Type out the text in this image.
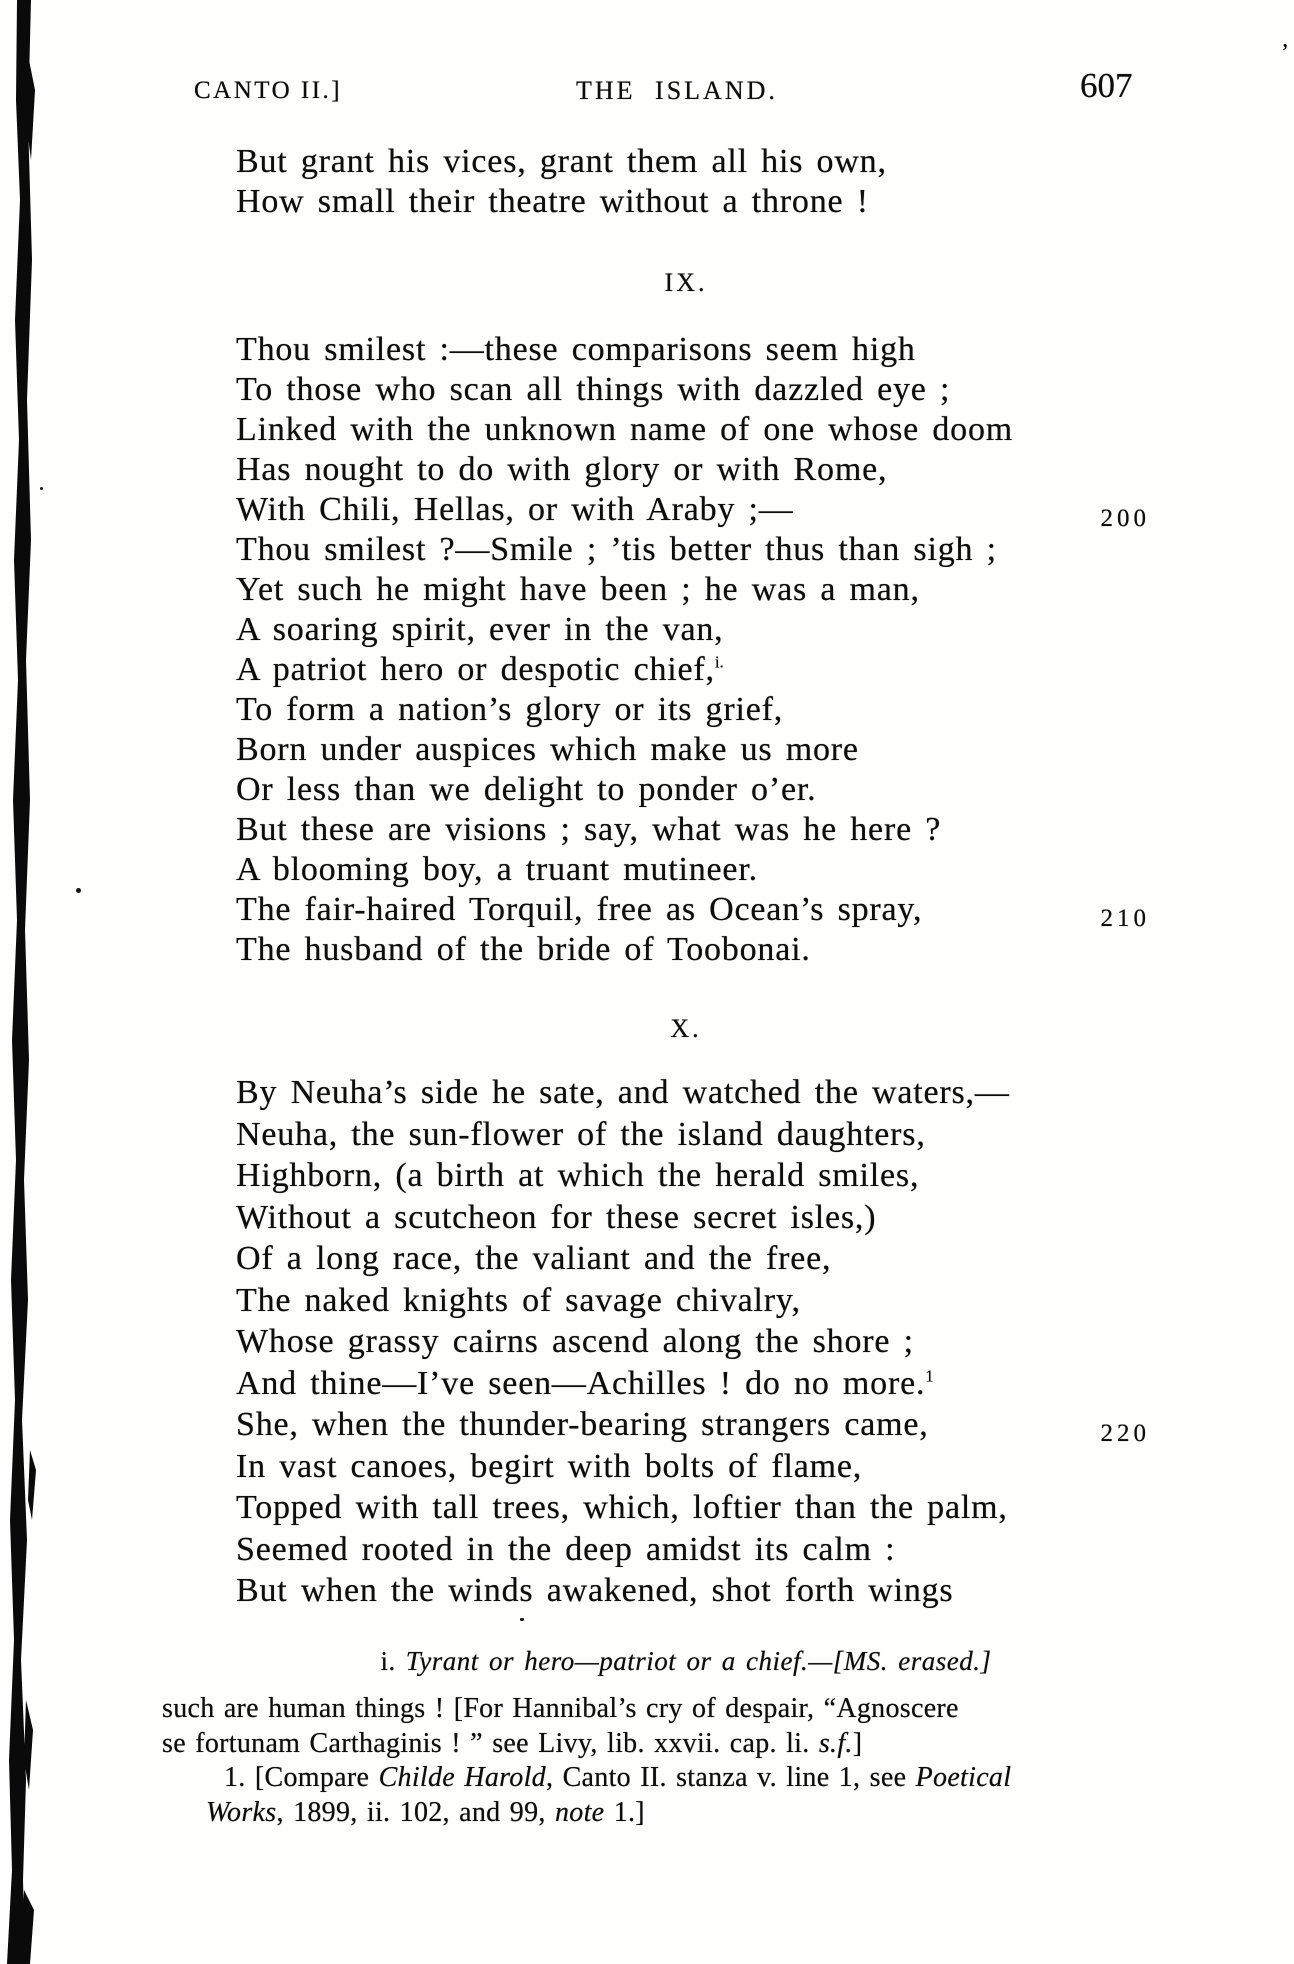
’
CANTO II.]	THE ISLAND.	607
But grant his vices, grant them all his own,
How small their theatre without a throne !
IX.
Thou smilest :—these comparisons seem high
To those who scan all things with dazzled eye ;
Linked with the unknown name of one whose doom
Has nought to do with glory or with Rome,
With Chili, Hellas, or with Araby ;—	200
Thou smilest ?—Smile ; ’tis better thus than sigh ;
Yet such he might have been ; he was a man,
A soaring spirit, ever in the van,
A patriot hero or despotic chief,$^{i.}$
To form a nation’s glory or its grief,
Born under auspices which make us more
Or less than we delight to ponder o’er.
But these are visions ; say, what was he here ?
A blooming boy, a truant mutineer.
The fair-haired Torquil, free as Ocean’s spray,	210
The husband of the bride of Toobonai.
X.
By Neuha’s side he sate, and watched the waters,—
Neuha, the sun-flower of the island daughters,
Highborn, (a birth at which the herald smiles,
Without a scutcheon for these secret isles,)
Of a long race, the valiant and the free,
The naked knights of savage chivalry,
Whose grassy cairns ascend along the shore ;
And thine—I’ve seen—Achilles ! do no more.$^1$
She, when the thunder-bearing strangers came,	220
In vast canoes, begirt with bolts of flame,
Topped with tall trees, which, loftier than the palm,
Seemed rooted in the deep amidst its calm :
But when the winds awakened, shot forth wings
i. Tyrant or hero—patriot or a chief.—[MS. erased.]
such are human things ! [For Hannibal’s cry of despair, “Agnoscere
se fortunam Carthaginis ! ” see Livy, lib. xxvii. cap. li. s.f.]
1. [Compare Childe Harold, Canto II. stanza v. line 1, see Poetical
Works, 1899, ii. 102, and 99, note 1.]
